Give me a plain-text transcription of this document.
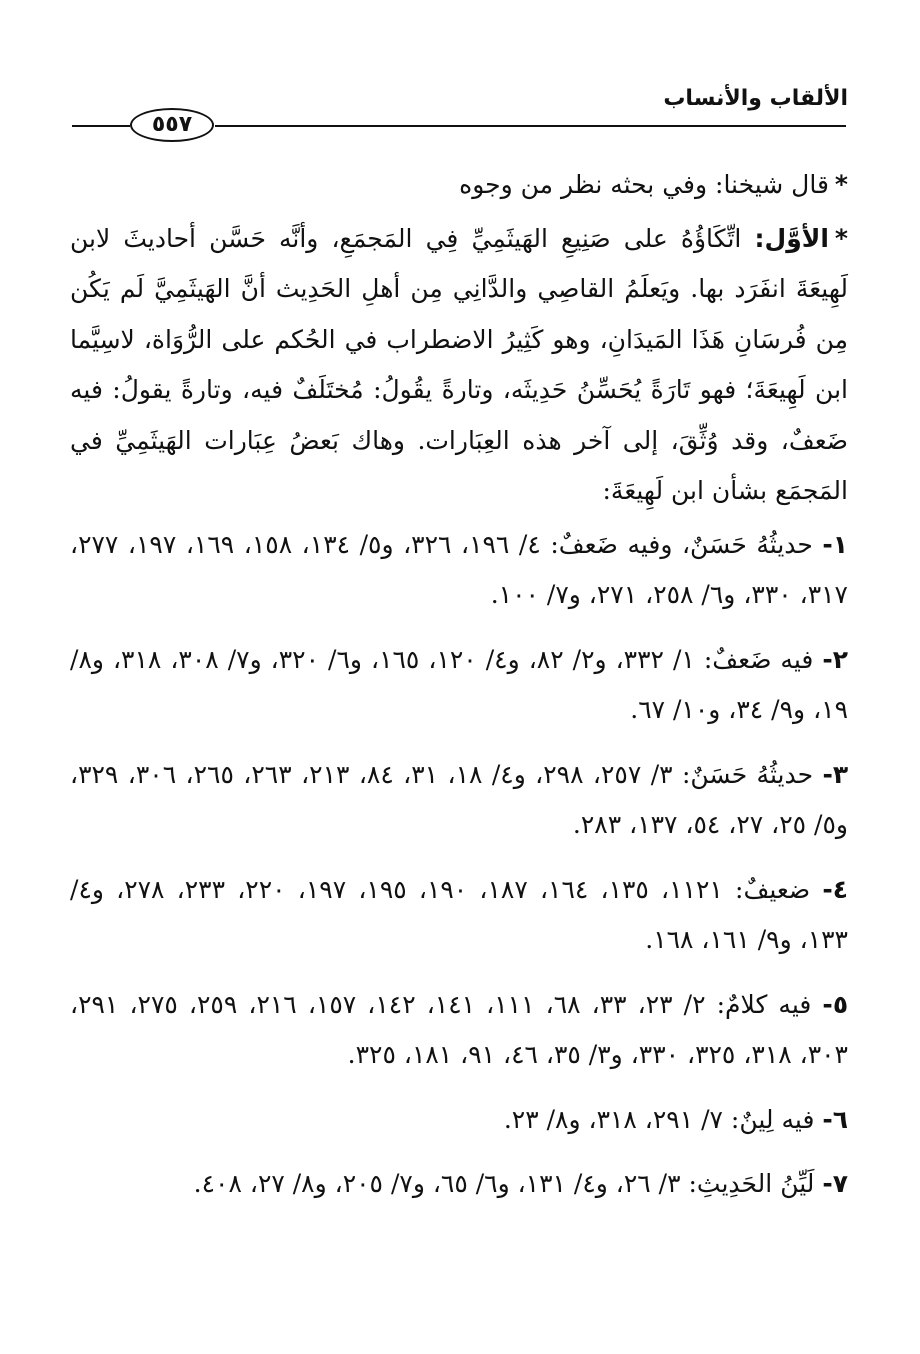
الألقاب والأنساب
٥٥٧

*قال شيخنا: وفي بحثه نظر من وجوه

*الأوَّل: اتِّكَاؤُهُ على صَنِيعِ الهَيثَمِيِّ فِي المَجمَعِ، وأنَّه حَسَّن أحاديثَ لابن لَهِيعَةَ انفَرَد بها. ويَعلَمُ القاصِي والدَّانِي مِن أهلِ الحَدِيث أنَّ الهَيثَمِيَّ لَم يَكُن مِن فُرسَانِ هَذَا المَيدَانِ، وهو كَثِيرُ الاضطراب في الحُكم على الرُّوَاة، لاسِيَّما ابن لَهِيعَةَ؛ فهو تَارَةً يُحَسِّنُ حَدِيثَه، وتارةً يقُولُ: مُختَلَفٌ فيه، وتارةً يقولُ: فيه ضَعفٌ، وقد وُثِّقَ، إلى آخر هذه العِبَارات. وهاك بَعضُ عِبَارات الهَيثَمِيِّ في المَجمَع بشأن ابن لَهِيعَةَ:

١- حديثُهُ حَسَنٌ، وفيه ضَعفٌ: ٤/ ١٩٦، ٣٢٦، و٥/ ١٣٤، ١٥٨، ١٦٩، ١٩٧، ٢٧٧، ٣١٧، ٣٣٠، و٦/ ٢٥٨، ٢٧١، و٧/ ١٠٠.

٢- فيه ضَعفٌ: ١/ ٣٣٢، و٢/ ٨٢، و٤/ ١٢٠، ١٦٥، و٦/ ٣٢٠، و٧/ ٣٠٨، ٣١٨، و٨/ ١٩، و٩/ ٣٤، و١٠/ ٦٧.

٣- حديثُهُ حَسَنٌ: ٣/ ٢٥٧، ٢٩٨، و٤/ ١٨، ٣١، ٨٤، ٢١٣، ٢٦٣، ٢٦٥، ٣٠٦، ٣٢٩، و٥/ ٢٥، ٢٧، ٥٤، ١٣٧، ٢٨٣.

٤- ضعيفٌ: ١١٢١، ١٣٥، ١٦٤، ١٨٧، ١٩٠، ١٩٥، ١٩٧، ٢٢٠، ٢٣٣، ٢٧٨، و٤/ ١٣٣، و٩/ ١٦١، ١٦٨.

٥- فيه كلامٌ: ٢/ ٢٣، ٣٣، ٦٨، ١١١، ١٤١، ١٤٢، ١٥٧، ٢١٦، ٢٥٩، ٢٧٥، ٢٩١، ٣٠٣، ٣١٨، ٣٢٥، ٣٣٠، و٣/ ٣٥، ٤٦، ٩١، ١٨١، ٣٢٥.

٦- فيه لِينٌ: ٧/ ٢٩١، ٣١٨، و٨/ ٢٣.

٧- لَيِّنُ الحَدِيثِ: ٣/ ٢٦، و٤/ ١٣١، و٦/ ٦٥، و٧/ ٢٠٥، و٨/ ٢٧، ٤٠٨.
